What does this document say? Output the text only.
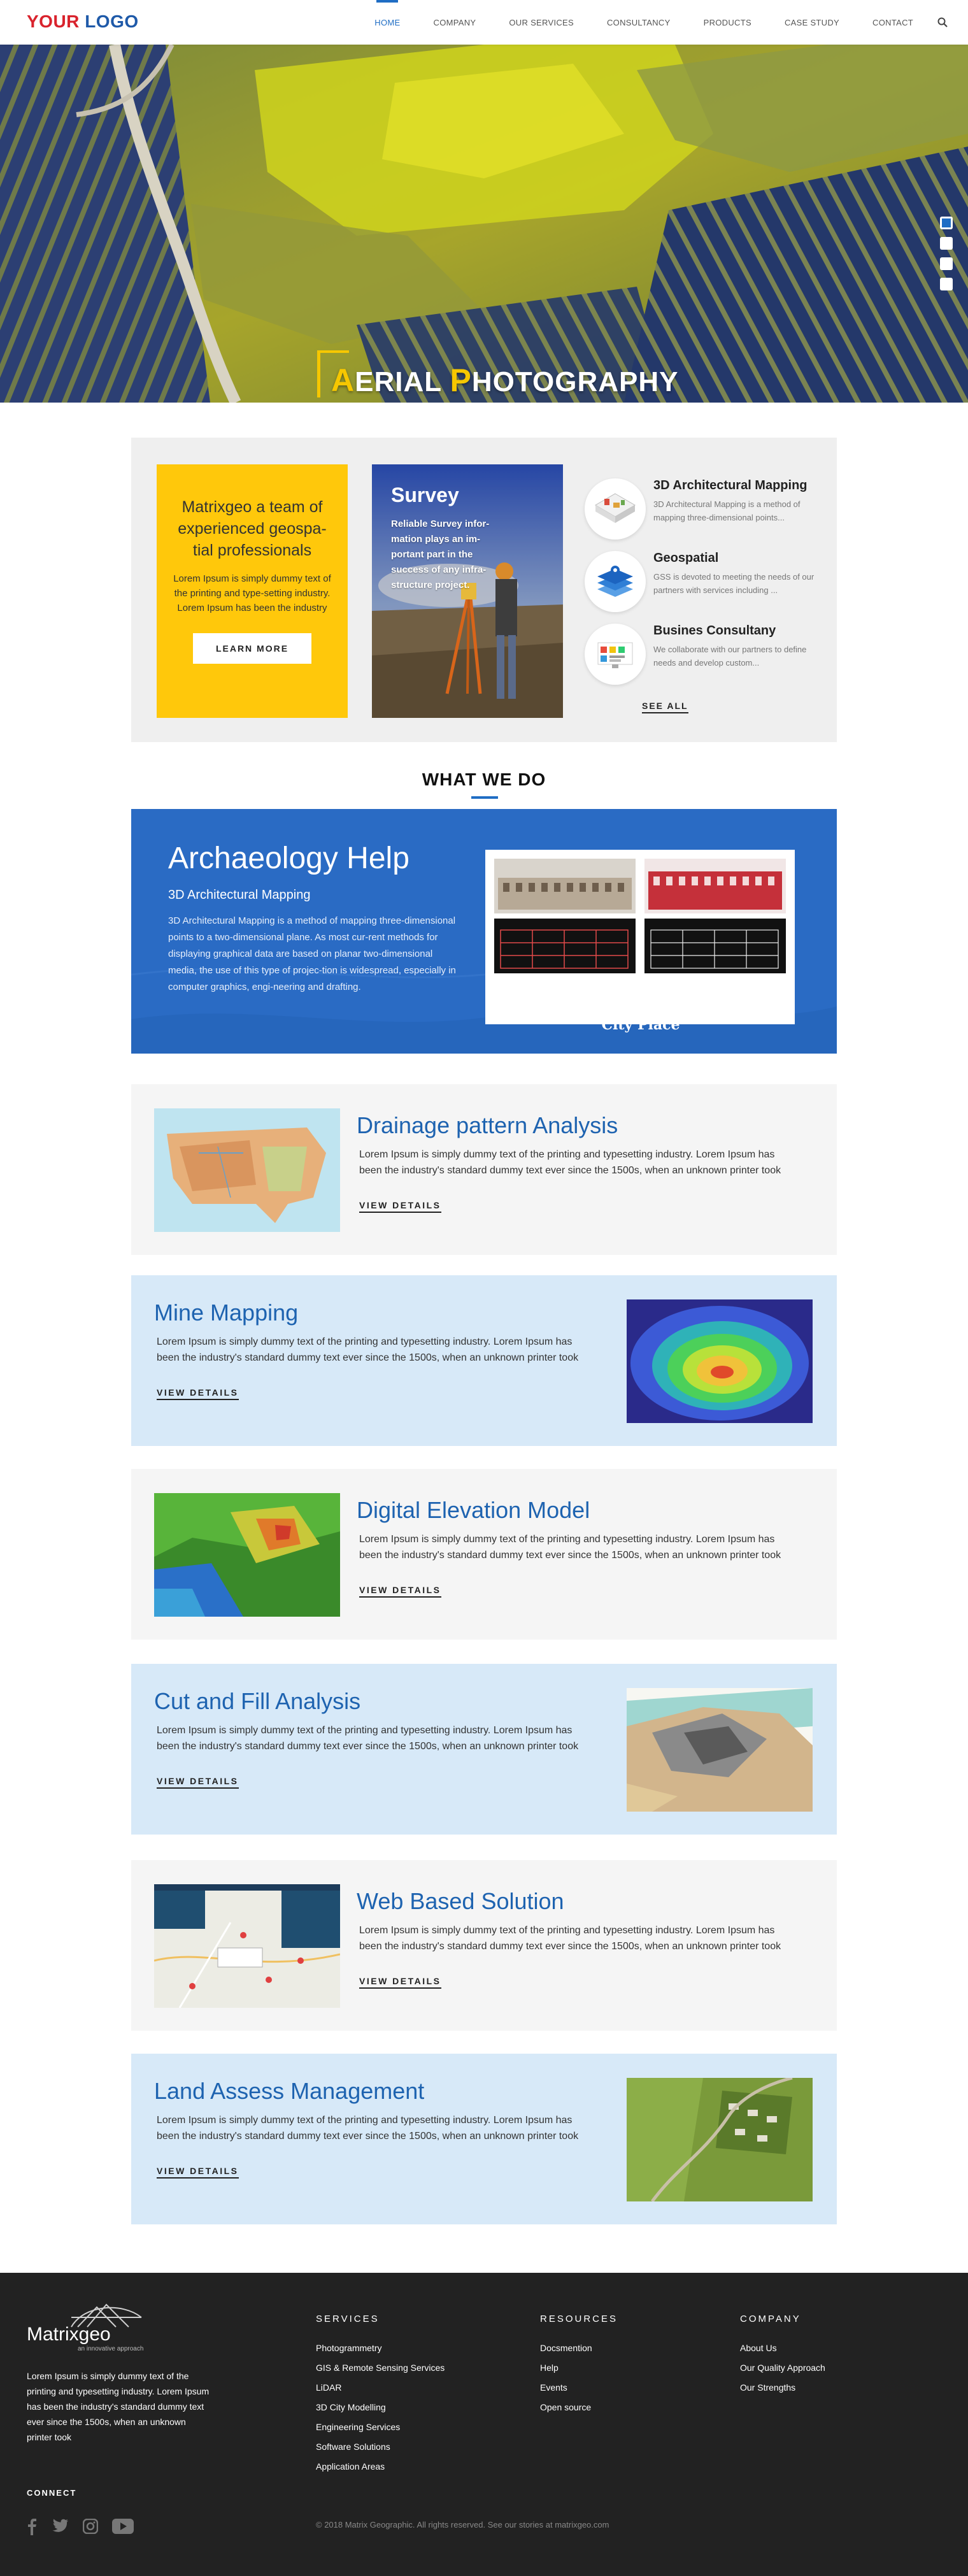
YOUR LOGO	HOME	COMPANY	OUR SERVICES	CONSULTANCY	PRODUCTS	CASE STUDY	CONTACT
AERIAL PHOTOGRAPHY
Matrixgeo a team of experienced geospa-tial professionals
Lorem Ipsum is simply dummy text of the printing and type-setting industry. Lorem Ipsum has been the industry
LEARN MORE
Survey
Reliable Survey infor-mation plays an im-portant part in the success of any infra-structure project.
3D Architectural Mapping
3D Architectural Mapping is a method of mapping three-dimensional points...
Geospatial
GSS is devoted to meeting the needs of our partners with services including ...
Busines Consultany
We collaborate with our partners to define needs and develop custom...
SEE ALL
WHAT WE DO
Archaeology Help
3D Architectural Mapping
3D Architectural Mapping is a method of mapping three-dimensional points to a two-dimensional plane. As most cur-rent methods for displaying graphical data are based on planar two-dimensional media, the use of this type of projec-tion is widespread, especially in computer graphics, engi-neering and drafting.
3D Architectural Mapping of Udaipur City Place
Drainage pattern Analysis
Lorem Ipsum is simply dummy text of the printing and typesetting industry. Lorem Ipsum has been the industry's standard dummy text ever since the 1500s, when an unknown printer took
VIEW DETAILS
Mine Mapping
Lorem Ipsum is simply dummy text of the printing and typesetting industry. Lorem Ipsum has been the industry's standard dummy text ever since the 1500s, when an unknown printer took
VIEW DETAILS
Digital Elevation Model
Lorem Ipsum is simply dummy text of the printing and typesetting industry. Lorem Ipsum has been the industry's standard dummy text ever since the 1500s, when an unknown printer took
VIEW DETAILS
Cut and Fill Analysis
Lorem Ipsum is simply dummy text of the printing and typesetting industry. Lorem Ipsum has been the industry's standard dummy text ever since the 1500s, when an unknown printer took
VIEW DETAILS
Web Based Solution
Lorem Ipsum is simply dummy text of the printing and typesetting industry. Lorem Ipsum has been the industry's standard dummy text ever since the 1500s, when an unknown printer took
VIEW DETAILS
Land Assess Management
Lorem Ipsum is simply dummy text of the printing and typesetting industry. Lorem Ipsum has been the industry's standard dummy text ever since the 1500s, when an unknown printer took
VIEW DETAILS
Matrixgeo
an innovative approach
Lorem Ipsum is simply dummy text of the printing and typesetting industry. Lorem Ipsum has been the industry's standard dummy text ever since the 1500s, when an unknown printer took
CONNECT
SERVICES
Photogrammetry
GIS & Remote Sensing Services
LiDAR
3D City Modelling
Engineering Services
Software Solutions
Application Areas
RESOURCES
Docsmention
Help
Events
Open source
COMPANY
About Us
Our Quality Approach
Our Strengths
© 2018 Matrix Geographic. All rights reserved. See our stories at matrixgeo.com
